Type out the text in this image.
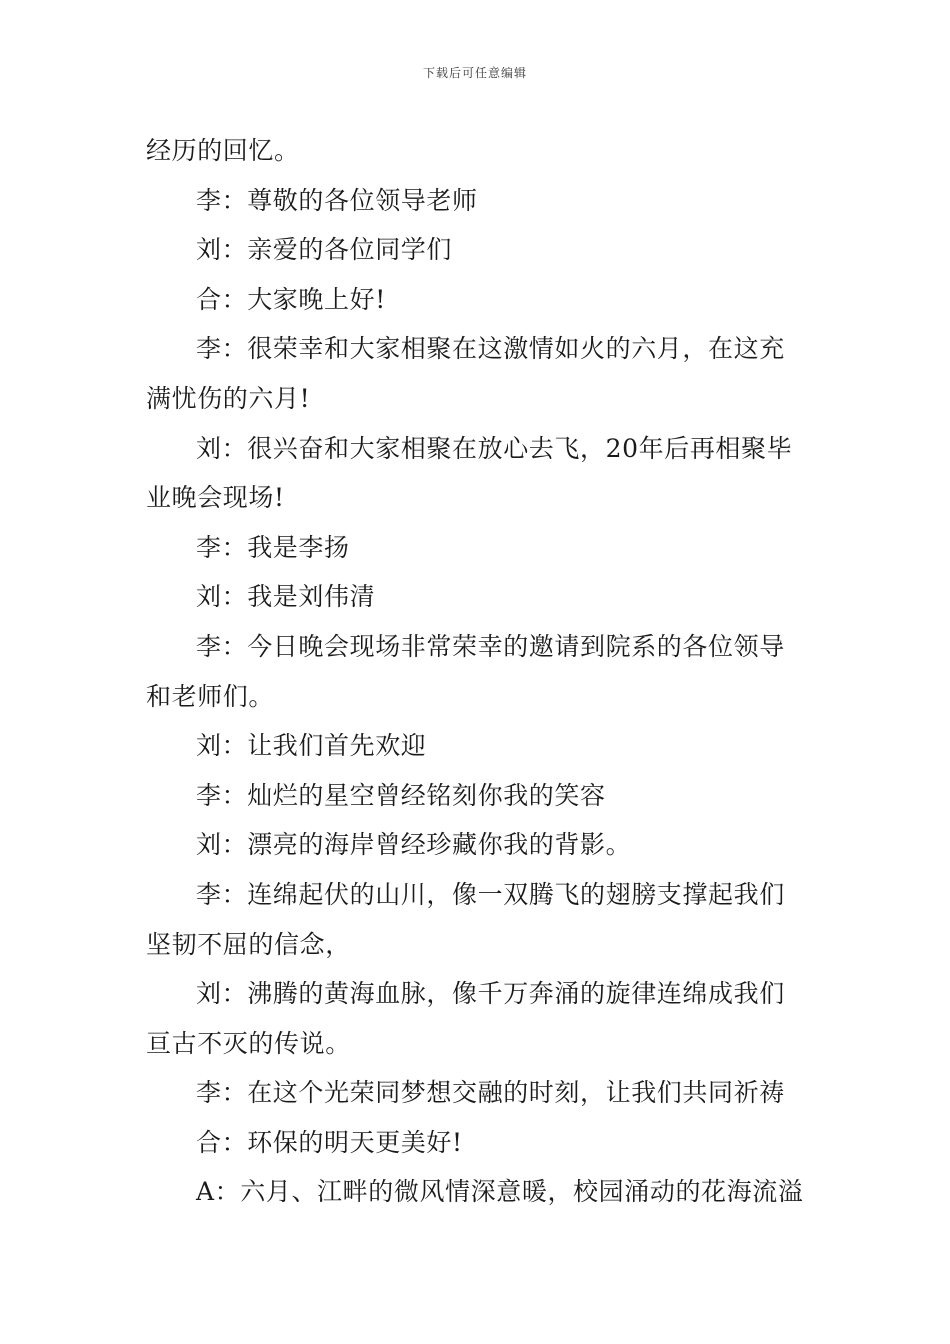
下载后可任意编辑

经历的回忆。

李：尊敬的各位领导老师

刘：亲爱的各位同学们

合：大家晚上好!

李：很荣幸和大家相聚在这激情如火的六月，在这充满忧伤的六月!

刘：很兴奋和大家相聚在放心去飞，20年后再相聚毕业晚会现场!

李：我是李扬

刘：我是刘伟清

李：今日晚会现场非常荣幸的邀请到院系的各位领导和老师们。

刘：让我们首先欢迎

李：灿烂的星空曾经铭刻你我的笑容

刘：漂亮的海岸曾经珍藏你我的背影。

李：连绵起伏的山川，像一双腾飞的翅膀支撑起我们坚韧不屈的信念，

刘：沸腾的黄海血脉，像千万奔涌的旋律连绵成我们亘古不灭的传说。

李：在这个光荣同梦想交融的时刻，让我们共同祈祷

合：环保的明天更美好!

A：六月、江畔的微风情深意暖，校园涌动的花海流溢
